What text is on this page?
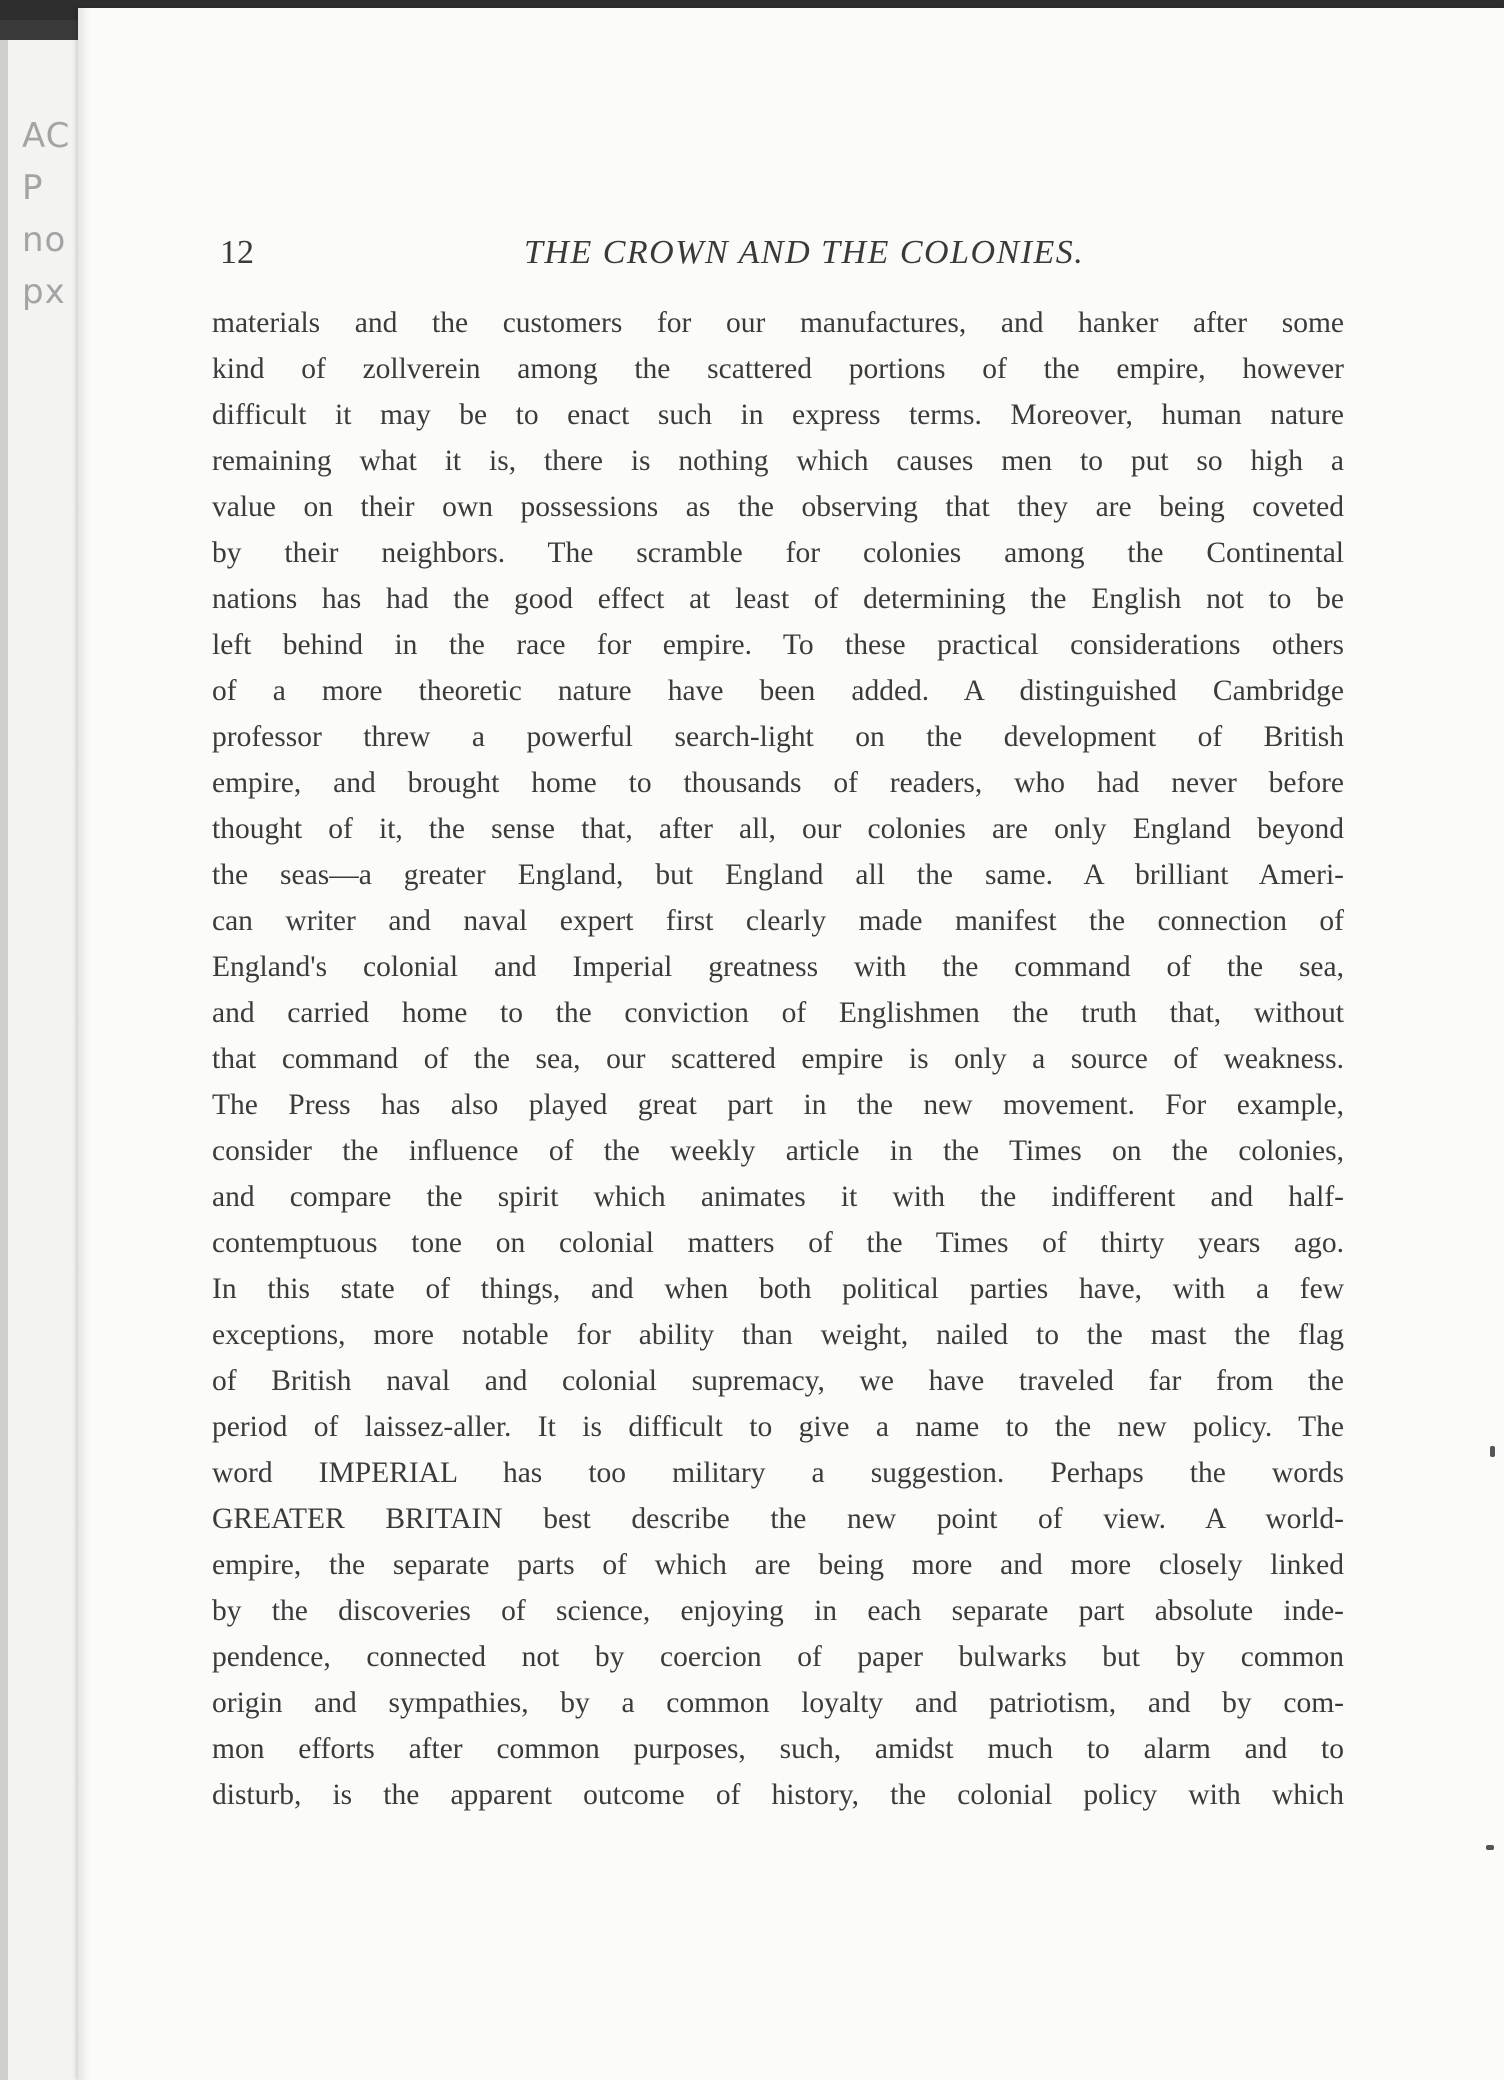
AC
P
no
px
12	THE CROWN AND THE COLONIES.
materials and the customers for our manufactures, and hanker after some
kind of zollverein among the scattered portions of the empire, however
difficult it may be to enact such in express terms. Moreover, human nature
remaining what it is, there is nothing which causes men to put so high a
value on their own possessions as the observing that they are being coveted
by their neighbors. The scramble for colonies among the Continental
nations has had the good effect at least of determining the English not to be
left behind in the race for empire. To these practical considerations others
of a more theoretic nature have been added. A distinguished Cambridge
professor threw a powerful search-light on the development of British
empire, and brought home to thousands of readers, who had never before
thought of it, the sense that, after all, our colonies are only England beyond
the seas—a greater England, but England all the same. A brilliant Ameri-
can writer and naval expert first clearly made manifest the connection of
England's colonial and Imperial greatness with the command of the sea,
and carried home to the conviction of Englishmen the truth that, without
that command of the sea, our scattered empire is only a source of weakness.
The Press has also played great part in the new movement. For example,
consider the influence of the weekly article in the Times on the colonies,
and compare the spirit which animates it with the indifferent and half-
contemptuous tone on colonial matters of the Times of thirty years ago.
In this state of things, and when both political parties have, with a few
exceptions, more notable for ability than weight, nailed to the mast the flag
of British naval and colonial supremacy, we have traveled far from the
period of laissez-aller. It is difficult to give a name to the new policy. The
word IMPERIAL has too military a suggestion. Perhaps the words
GREATER BRITAIN best describe the new point of view. A world-
empire, the separate parts of which are being more and more closely linked
by the discoveries of science, enjoying in each separate part absolute inde-
pendence, connected not by coercion of paper bulwarks but by common
origin and sympathies, by a common loyalty and patriotism, and by com-
mon efforts after common purposes, such, amidst much to alarm and to
disturb, is the apparent outcome of history, the colonial policy with which
